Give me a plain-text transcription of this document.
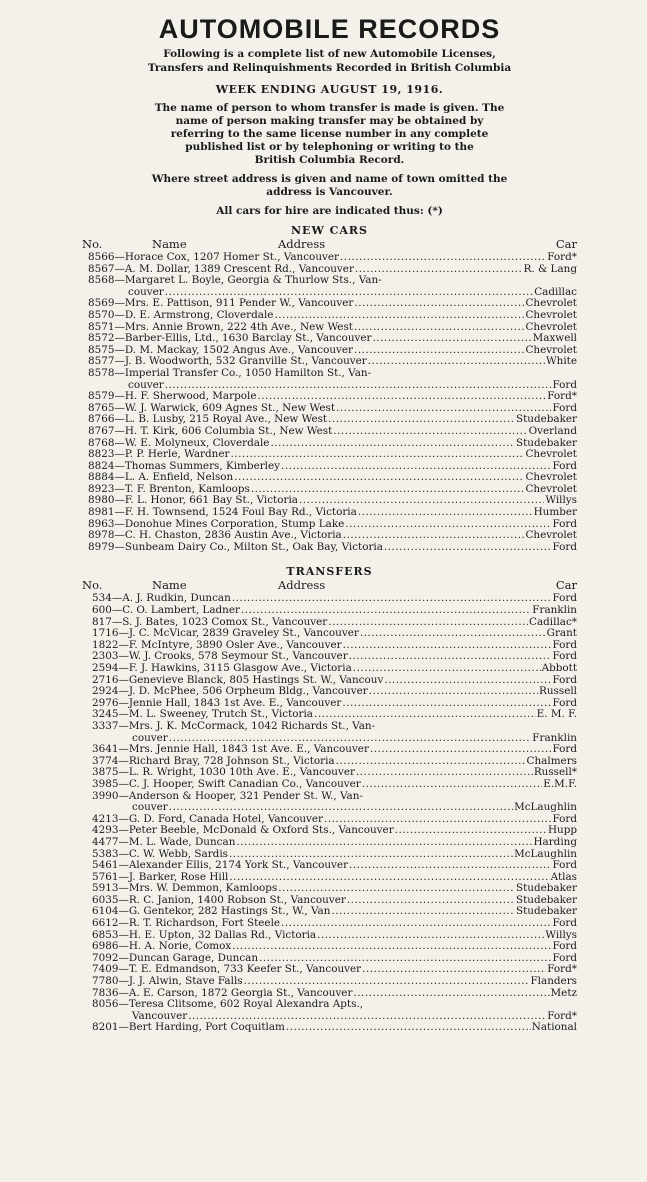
AUTOMOBILE RECORDS
Following is a complete list of new Automobile Licenses,
Transfers and Relinquishments Recorded in British Columbia
WEEK ENDING AUGUST 19, 1916.
The name of person to whom transfer is made is given. The
name of person making transfer may be obtained by
referring to the same license number in any complete
published list or by telephoning or writing to the
British Columbia Record.
Where street address is given and name of town omitted the
address is Vancouver.
All cars for hire are indicated thus: (*)
NEW CARS
No.	Name	Address	Car
8566 — Horace Cox, 1207 Homer St., Vancouver .....	Ford*
8567 — A. M. Dollar, 1389 Crescent Rd., Vancouver .....	R. & Lang
8568 — Margaret L. Boyle, Georgia & Thurlow Sts., Van-
couver .....	Cadillac
8569 — Mrs. E. Pattison, 911 Pender W., Vancouver .....	Chevrolet
8570 — D. E. Armstrong, Cloverdale .....	Chevrolet
8571 — Mrs. Annie Brown, 222 4th Ave., New West .....	Chevrolet
8572 — Barber-Ellis, Ltd., 1630 Barclay St., Vancouver .....	Maxwell
8575 — D. M. Mackay, 1502 Angus Ave., Vancouver .....	Chevrolet
8577 — J. B. Woodworth, 532 Granville St., Vancouver .....	White
8578 — Imperial Transfer Co., 1050 Hamilton St., Van-
couver .....	Ford
8579 — H. F. Sherwood, Marpole .....	Ford*
8765 — W. J. Warwick, 609 Agnes St., New West .....	Ford
8766 — L. B. Lusby, 215 Royal Ave., New West .....	Studebaker
8767 — H. T. Kirk, 606 Columbia St., New West .....	Overland
8768 — W. E. Molyneux, Cloverdale .....	Studebaker
8823 — P. P. Herle, Wardner .....	Chevrolet
8824 — Thomas Summers, Kimberley .....	Ford
8884 — L. A. Enfield, Nelson .....	Chevrolet
8923 — T. F. Brenton, Kamloops .....	Chevrolet
8980 — F. L. Honor, 661 Bay St., Victoria .....	Willys
8981 — F. H. Townsend, 1524 Foul Bay Rd., Victoria .....	Humber
8963 — Donohue Mines Corporation, Stump Lake .....	Ford
8978 — C. H. Chaston, 2836 Austin Ave., Victoria .....	Chevrolet
8979 — Sunbeam Dairy Co., Milton St., Oak Bay, Victoria .....	Ford
TRANSFERS
No.	Name	Address	Car
534 — A. J. Rudkin, Duncan .....	Ford
600 — C. O. Lambert, Ladner .....	Franklin
817 — S. J. Bates, 1023 Comox St., Vancouver .....	Cadillac*
1716 — J. C. McVicar, 2839 Graveley St., Vancouver .....	Grant
1822 — F. McIntyre, 3890 Osler Ave., Vancouver .....	Ford
2303 — W. J. Crooks, 578 Seymour St., Vancouver .....	Ford
2594 — F. J. Hawkins, 3115 Glasgow Ave., Victoria .....	Abbott
2716 — Genevieve Blanck, 805 Hastings St. W., Vancouv .....	Ford
2924 — J. D. McPhee, 506 Orpheum Bldg., Vancouver .....	Russell
2976 — Jennie Hall, 1843 1st Ave. E., Vancouver .....	Ford
3245 — M. L. Sweeney, Trutch St., Victoria .....	E. M. F.
3337 — Mrs. J. K. McCormack, 1042 Richards St., Van-
couver .....	Franklin
3641 — Mrs. Jennie Hall, 1843 1st Ave. E., Vancouver .....	Ford
3774 — Richard Bray, 728 Johnson St., Victoria .....	Chalmers
3875 — L. R. Wright, 1030 10th Ave. E., Vancouver .....	Russell*
3985 — C. J. Hooper, Swift Canadian Co., Vancouver .....	E.M.F.
3990 — Anderson & Hooper, 321 Pender St. W., Van-
couver .....	McLaughlin
4213 — G. D. Ford, Canada Hotel, Vancouver .....	Ford
4293 — Peter Beeble, McDonald & Oxford Sts., Vancouver .....	Hupp
4477 — M. L. Wade, Duncan .....	Harding
5383 — C. W. Webb, Sardis .....	McLaughlin
5461 — Alexander Ellis, 2174 York St., Vancouver .....	Ford
5761 — J. Barker, Rose Hill .....	Atlas
5913 — Mrs. W. Demmon, Kamloops .....	Studebaker
6035 — R. C. Janion, 1400 Robson St., Vancouver .....	Studebaker
6104 — G. Gentekor, 282 Hastings St., W., Van .....	Studebaker
6612 — R. T. Richardson, Fort Steele .....	Ford
6853 — H. E. Upton, 32 Dallas Rd., Victoria .....	Willys
6986 — H. A. Norie, Comox .....	Ford
7092 — Duncan Garage, Duncan .....	Ford
7409 — T. E. Edmandson, 733 Keefer St., Vancouver .....	Ford*
7780 — J. J. Alwin, Stave Falls .....	Flanders
7836 — A. E. Carson, 1872 Georgia St., Vancouver .....	Metz
8056 — Teresa Clitsome, 602 Royal Alexandra Apts.,
Vancouver .....	Ford*
8201 — Bert Harding, Port Coquitlam .....	National
